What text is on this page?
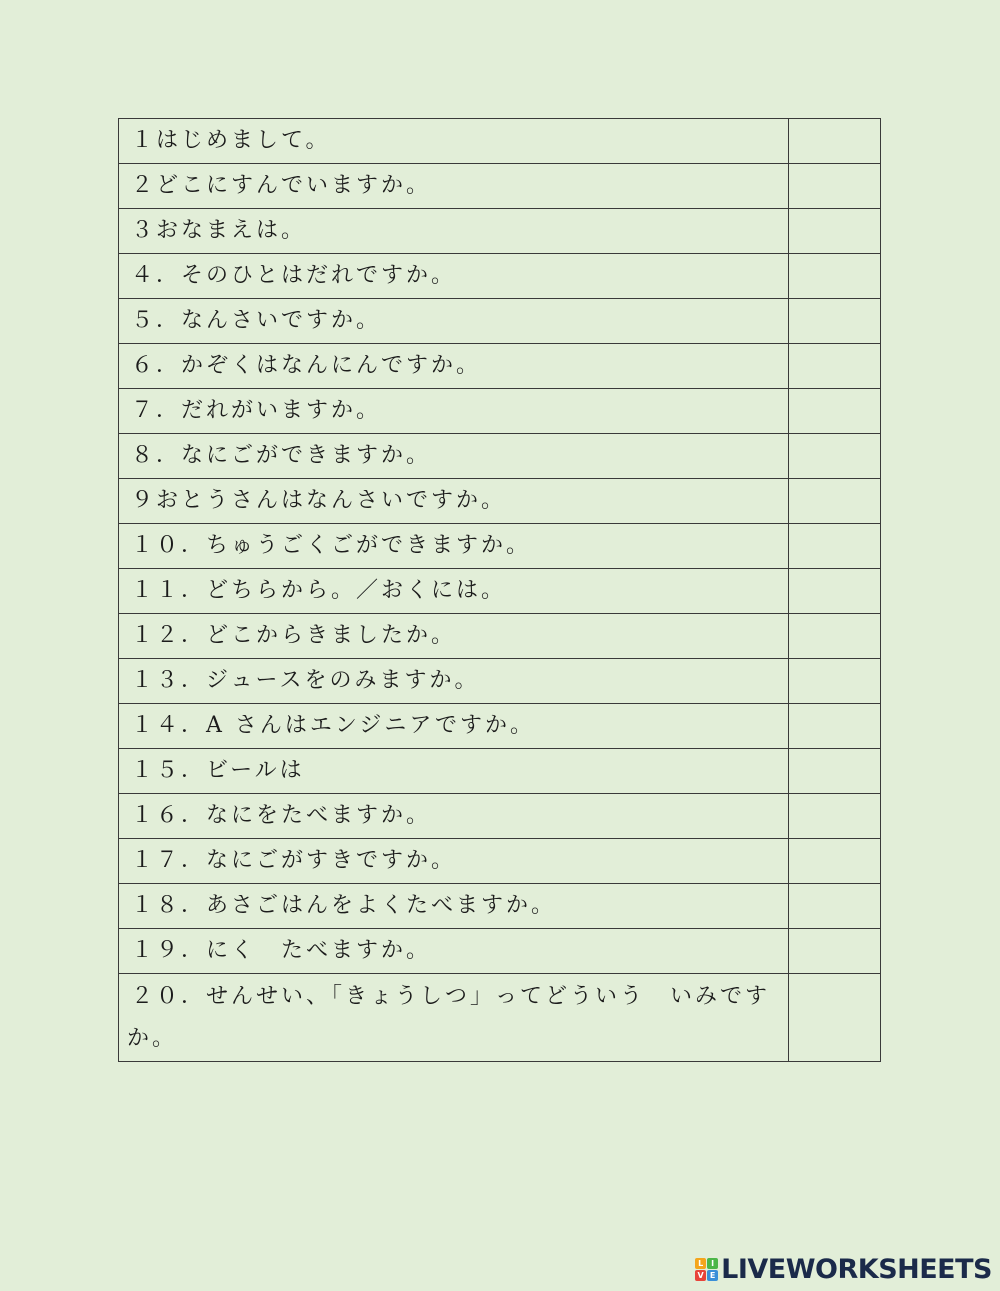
１はじめまして。

２どこにすんでいますか。

３おなまえは。

４．そのひとはだれですか。

５．なんさいですか。

６．かぞくはなんにんですか。

７．だれがいますか。

８．なにごができますか。

９おとうさんはなんさいですか。

１０．ちゅうごくごができますか。

１１．どちらから。／おくには。

１２．どこからきましたか。

１３．ジュースをのみますか。

１４．A さんはエンジニアですか。

１５．ビールは

１６．なにをたべますか。

１７．なにごがすきですか。

１８．あさごはんをよくたべますか。

１９．にく　たべますか。

２０．せんせい、「きょうしつ」ってどういう　いみですか。

L I
V E LIVEWORKSHEETS
